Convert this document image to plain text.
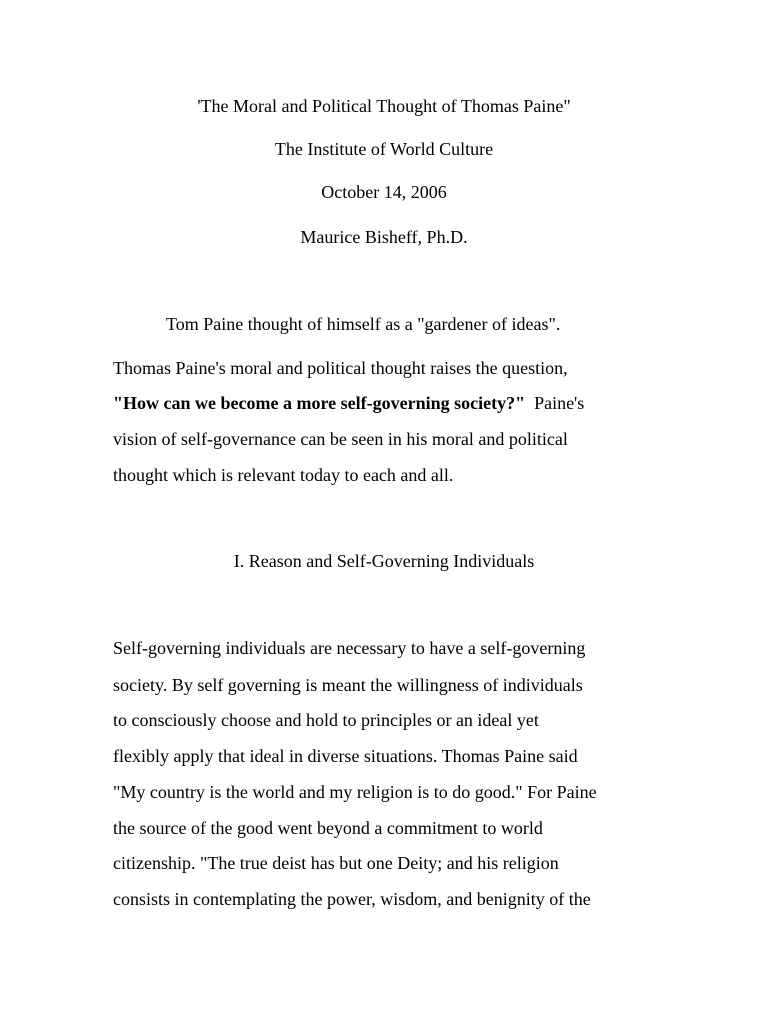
'The Moral and Political Thought of Thomas Paine"
The Institute of World Culture
October 14, 2006
Maurice Bisheff, Ph.D.
Tom Paine thought of himself as a "gardener of ideas".
Thomas Paine's moral and political thought raises the question,
"How can we become a more self-governing society?"  Paine's
vision of self-governance can be seen in his moral and political
thought which is relevant today to each and all.
I. Reason and Self-Governing Individuals
Self-governing individuals are necessary to have a self-governing
society. By self governing is meant the willingness of individuals
to consciously choose and hold to principles or an ideal yet
flexibly apply that ideal in diverse situations. Thomas Paine said
"My country is the world and my religion is to do good." For Paine
the source of the good went beyond a commitment to world
citizenship. "The true deist has but one Deity; and his religion
consists in contemplating the power, wisdom, and benignity of the
